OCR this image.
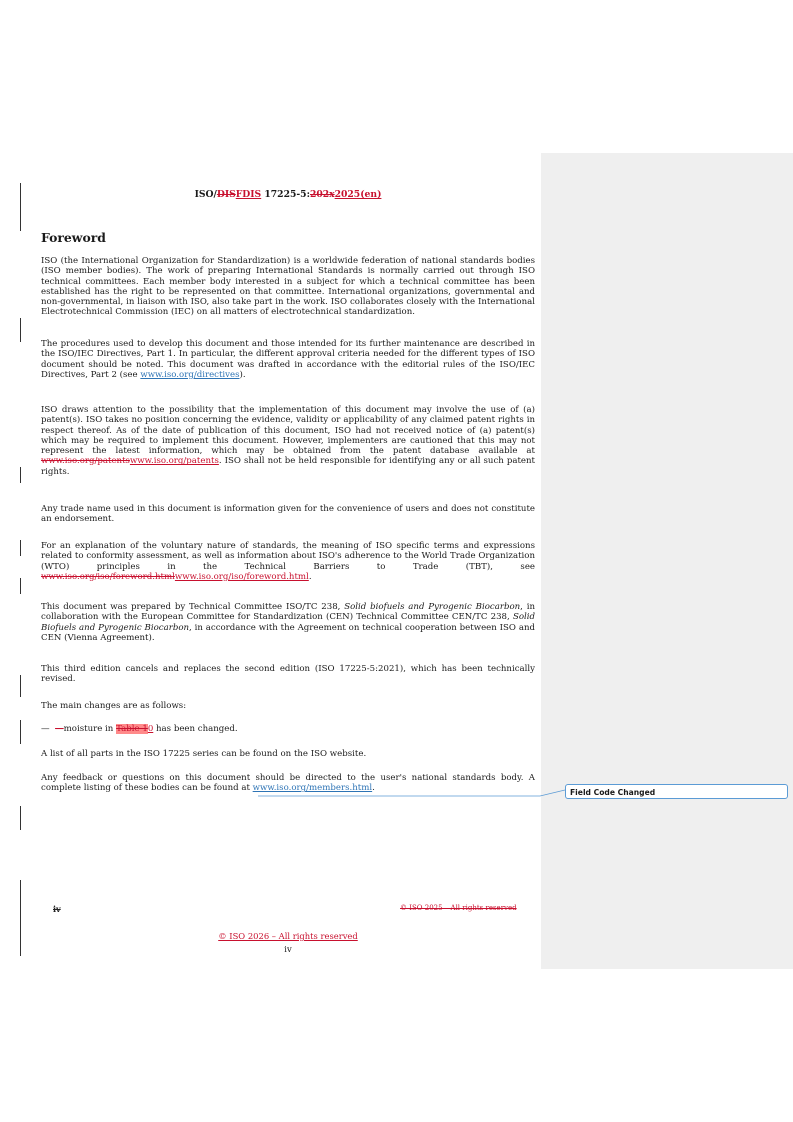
ISO/DISFDIS 17225-5:202x2025(en)
Foreword
ISO (the International Organization for Standardization) is a worldwide federation of national standards bodies (ISO member bodies). The work of preparing International Standards is normally carried out through ISO technical committees. Each member body interested in a subject for which a technical committee has been established has the right to be represented on that committee. International organizations, governmental and non-governmental, in liaison with ISO, also take part in the work. ISO collaborates closely with the International Electrotechnical Commission (IEC) on all matters of electrotechnical standardization.
The procedures used to develop this document and those intended for its further maintenance are described in the ISO/IEC Directives, Part 1. In particular, the different approval criteria needed for the different types of ISO document should be noted. This document was drafted in accordance with the editorial rules of the ISO/IEC Directives, Part 2 (see www.iso.org/directives).
ISO draws attention to the possibility that the implementation of this document may involve the use of (a) patent(s). ISO takes no position concerning the evidence, validity or applicability of any claimed patent rights in respect thereof. As of the date of publication of this document, ISO had not received notice of (a) patent(s) which may be required to implement this document. However, implementers are cautioned that this may not represent the latest information, which may be obtained from the patent database available at www.iso.org/patentswww.iso.org/patents. ISO shall not be held responsible for identifying any or all such patent rights.
Any trade name used in this document is information given for the convenience of users and does not constitute an endorsement.
For an explanation of the voluntary nature of standards, the meaning of ISO specific terms and expressions related to conformity assessment, as well as information about ISO's adherence to the World Trade Organization (WTO) principles in the Technical Barriers to Trade (TBT), see www.iso.org/iso/foreword.htmlwww.iso.org/iso/foreword.html.
This document was prepared by Technical Committee ISO/TC 238, Solid biofuels and Pyrogenic Biocarbon, in collaboration with the European Committee for Standardization (CEN) Technical Committee CEN/TC 238, Solid Biofuels and Pyrogenic Biocarbon, in accordance with the Agreement on technical cooperation between ISO and CEN (Vienna Agreement).
This third edition cancels and replaces the second edition (ISO 17225-5:2021), which has been technically revised.
The main changes are as follows:
— —moisture in Table 10 has been changed.
A list of all parts in the ISO 17225 series can be found on the ISO website.
Any feedback or questions on this document should be directed to the user's national standards body. A complete listing of these bodies can be found at www.iso.org/members.html.	Field Code Changed
iv	© ISO 2025 – All rights reserved
© ISO 2026 – All rights reserved
iv
